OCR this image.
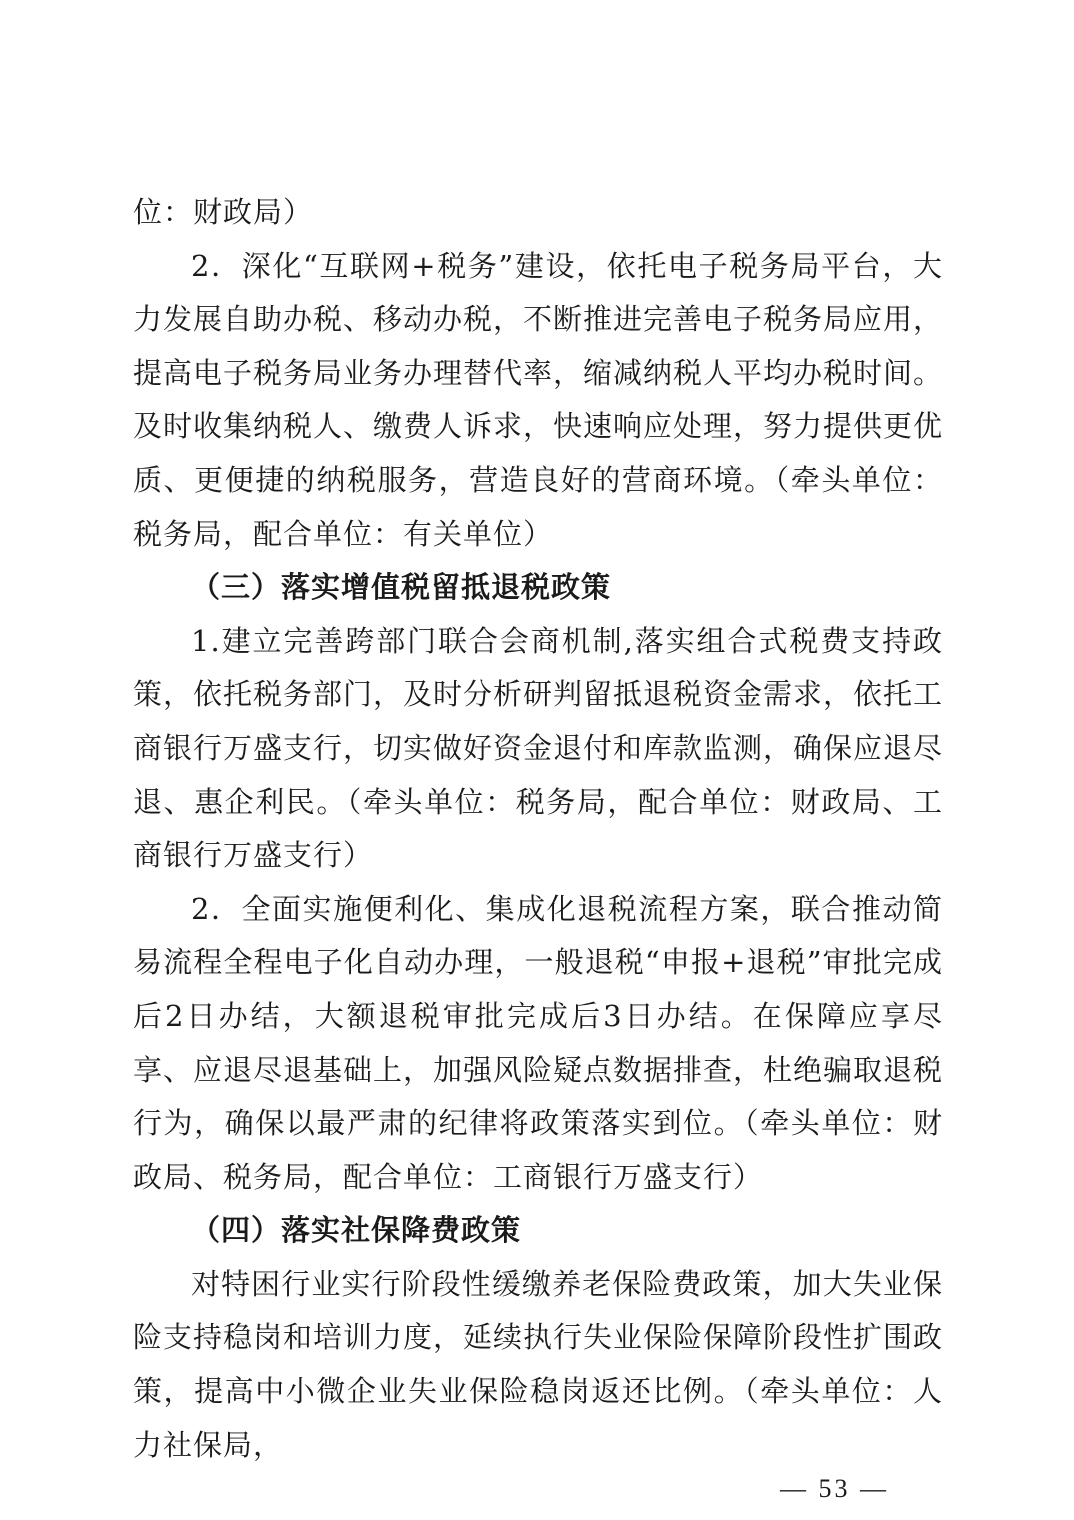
位：财政局）

2．深化“互联网+税务”建设，依托电子税务局平台，大力发展自助办税、移动办税，不断推进完善电子税务局应用，提高电子税务局业务办理替代率，缩减纳税人平均办税时间。及时收集纳税人、缴费人诉求，快速响应处理，努力提供更优质、更便捷的纳税服务，营造良好的营商环境。（牵头单位：税务局，配合单位：有关单位）

（三）落实增值税留抵退税政策

1.建立完善跨部门联合会商机制,落实组合式税费支持政策，依托税务部门，及时分析研判留抵退税资金需求，依托工商银行万盛支行，切实做好资金退付和库款监测，确保应退尽退、惠企利民。（牵头单位：税务局，配合单位：财政局、工商银行万盛支行）

2．全面实施便利化、集成化退税流程方案，联合推动简易流程全程电子化自动办理，一般退税“申报+退税”审批完成后2日办结，大额退税审批完成后3日办结。在保障应享尽享、应退尽退基础上，加强风险疑点数据排查，杜绝骗取退税行为，确保以最严肃的纪律将政策落实到位。（牵头单位：财政局、税务局，配合单位：工商银行万盛支行）

（四）落实社保降费政策

对特困行业实行阶段性缓缴养老保险费政策，加大失业保险支持稳岗和培训力度，延续执行失业保险保障阶段性扩围政策，提高中小微企业失业保险稳岗返还比例。（牵头单位：人力社保局，

— 53 —
